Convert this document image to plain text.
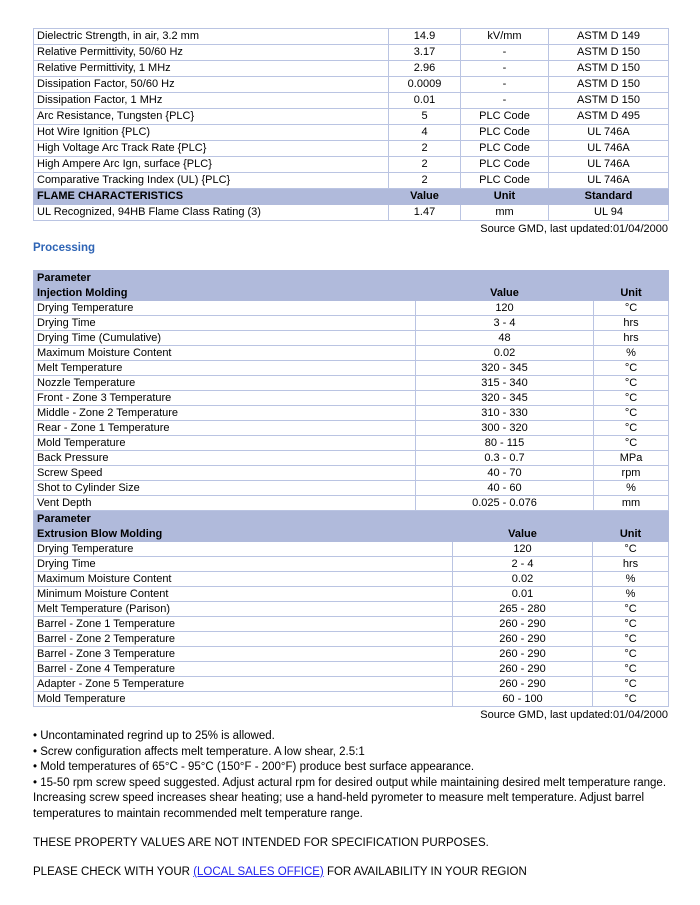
Dielectric Strength, in air, 3.2 mm	14.9	kV/mm	ASTM D 149
Relative Permittivity, 50/60 Hz	3.17	-	ASTM D 150
Relative Permittivity, 1 MHz	2.96	-	ASTM D 150
Dissipation Factor, 50/60 Hz	0.0009	-	ASTM D 150
Dissipation Factor, 1 MHz	0.01	-	ASTM D 150
Arc Resistance, Tungsten {PLC}	5	PLC Code	ASTM D 495
Hot Wire Ignition {PLC)	4	PLC Code	UL 746A
High Voltage Arc Track Rate {PLC}	2	PLC Code	UL 746A
High Ampere Arc Ign, surface {PLC}	2	PLC Code	UL 746A
Comparative Tracking Index (UL) {PLC}	2	PLC Code	UL 746A
FLAME CHARACTERISTICS	Value	Unit	Standard
UL Recognized, 94HB Flame Class Rating (3)	1.47	mm	UL 94
Source GMD, last updated:01/04/2000
Processing
Parameter		
Injection Molding	Value	Unit
Drying Temperature	120	°C
Drying Time	3 - 4	hrs
Drying Time (Cumulative)	48	hrs
Maximum Moisture Content	0.02	%
Melt Temperature	320 - 345	°C
Nozzle Temperature	315 - 340	°C
Front - Zone 3 Temperature	320 - 345	°C
Middle - Zone 2 Temperature	310 - 330	°C
Rear - Zone 1 Temperature	300 - 320	°C
Mold Temperature	80 - 115	°C
Back Pressure	0.3 - 0.7	MPa
Screw Speed	40 - 70	rpm
Shot to Cylinder Size	40 - 60	%
Vent Depth	0.025 - 0.076	mm
Parameter		
Extrusion Blow Molding	Value	Unit
Drying Temperature	120	°C
Drying Time	2 - 4	hrs
Maximum Moisture Content	0.02	%
Minimum Moisture Content	0.01	%
Melt Temperature (Parison)	265 - 280	°C
Barrel - Zone 1 Temperature	260 - 290	°C
Barrel - Zone 2 Temperature	260 - 290	°C
Barrel - Zone 3 Temperature	260 - 290	°C
Barrel - Zone 4 Temperature	260 - 290	°C
Adapter - Zone 5 Temperature	260 - 290	°C
Mold Temperature	60 - 100	°C
Source GMD, last updated:01/04/2000
• Uncontaminated regrind up to 25% is allowed.
• Screw configuration affects melt temperature. A low shear, 2.5:1
• Mold temperatures of 65°C - 95°C (150°F - 200°F) produce best surface appearance.
• 15-50 rpm screw speed suggested. Adjust actural rpm for desired output while maintaining desired melt temperature range. Increasing screw speed increases shear heating; use a hand-held pyrometer to measure melt temperature. Adjust barrel temperatures to maintain recommended melt temperature range.

THESE PROPERTY VALUES ARE NOT INTENDED FOR SPECIFICATION PURPOSES.

PLEASE CHECK WITH YOUR (LOCAL SALES OFFICE) FOR AVAILABILITY IN YOUR REGION
